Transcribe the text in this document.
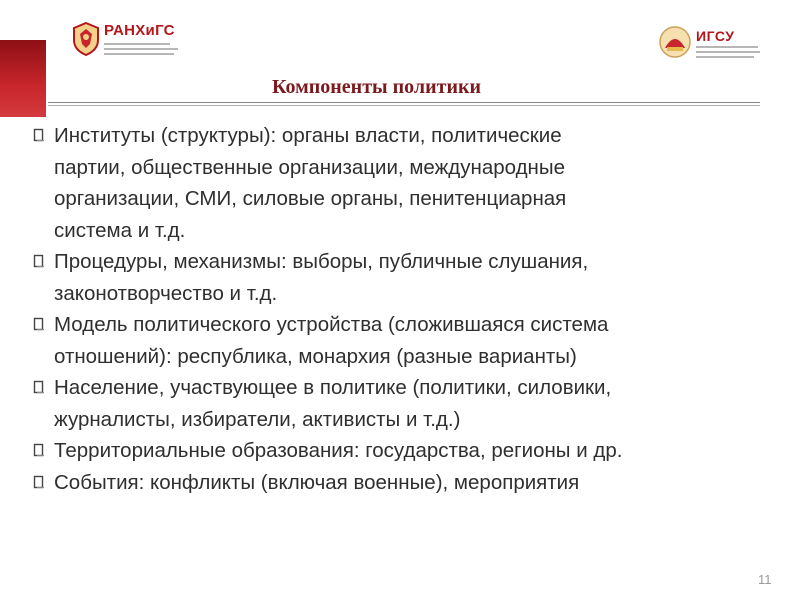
РАНХиГС	ИГСУ
Компоненты политики
Институты (структуры): органы власти, политические
партии, общественные организации, международные
организации, СМИ, силовые органы, пенитенциарная
система и т.д.
Процедуры, механизмы: выборы, публичные слушания,
законотворчество и т.д.
Модель политического устройства (сложившаяся система
отношений): республика, монархия (разные варианты)
Население, участвующее в политике (политики, силовики,
журналисты, избиратели, активисты и т.д.)
Территориальные образования: государства, регионы и др.
События: конфликты (включая военные), мероприятия
11
